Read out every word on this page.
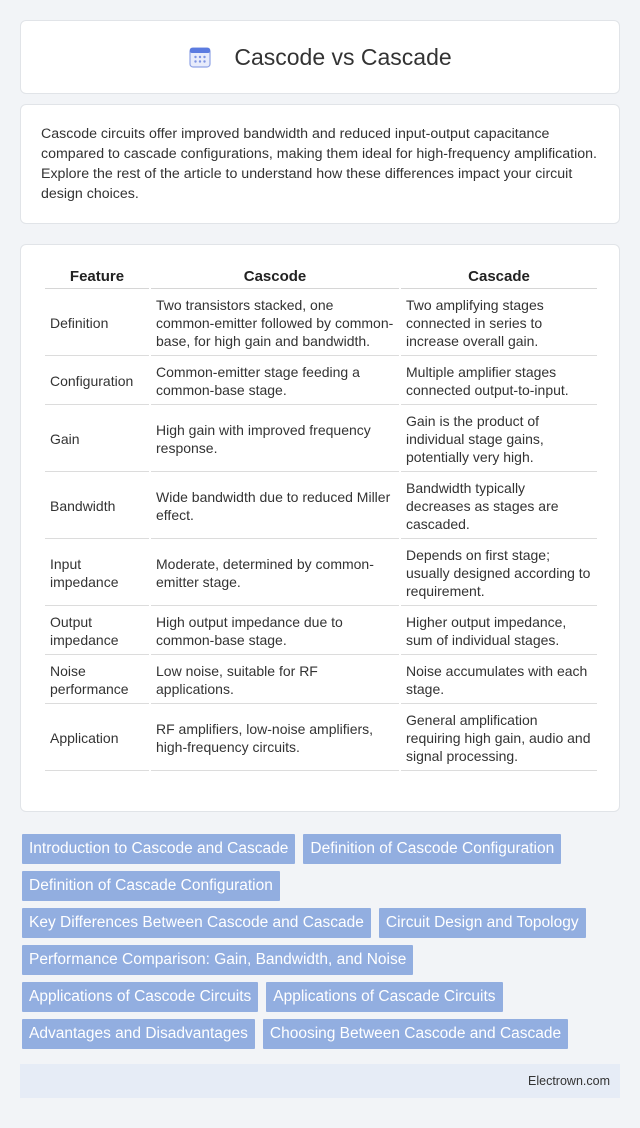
Cascode vs Cascade

Cascode circuits offer improved bandwidth and reduced input-output capacitance compared to cascade configurations, making them ideal for high-frequency amplification. Explore the rest of the article to understand how these differences impact your circuit design choices.

Feature	Cascode	Cascade
Definition	Two transistors stacked, one common-emitter followed by common-base, for high gain and bandwidth.	Two amplifying stages connected in series to increase overall gain.
Configuration	Common-emitter stage feeding a common-base stage.	Multiple amplifier stages connected output-to-input.
Gain	High gain with improved frequency response.	Gain is the product of individual stage gains, potentially very high.
Bandwidth	Wide bandwidth due to reduced Miller effect.	Bandwidth typically decreases as stages are cascaded.
Input impedance	Moderate, determined by common-emitter stage.	Depends on first stage; usually designed according to requirement.
Output impedance	High output impedance due to common-base stage.	Higher output impedance, sum of individual stages.
Noise performance	Low noise, suitable for RF applications.	Noise accumulates with each stage.
Application	RF amplifiers, low-noise amplifiers, high-frequency circuits.	General amplification requiring high gain, audio and signal processing.
Introduction to Cascode and Cascade	Definition of Cascode Configuration
Definition of Cascade Configuration
Key Differences Between Cascode and Cascade	Circuit Design and Topology
Performance Comparison: Gain, Bandwidth, and Noise
Applications of Cascode Circuits	Applications of Cascade Circuits
Advantages and Disadvantages	Choosing Between Cascode and Cascade
Electrown.com
